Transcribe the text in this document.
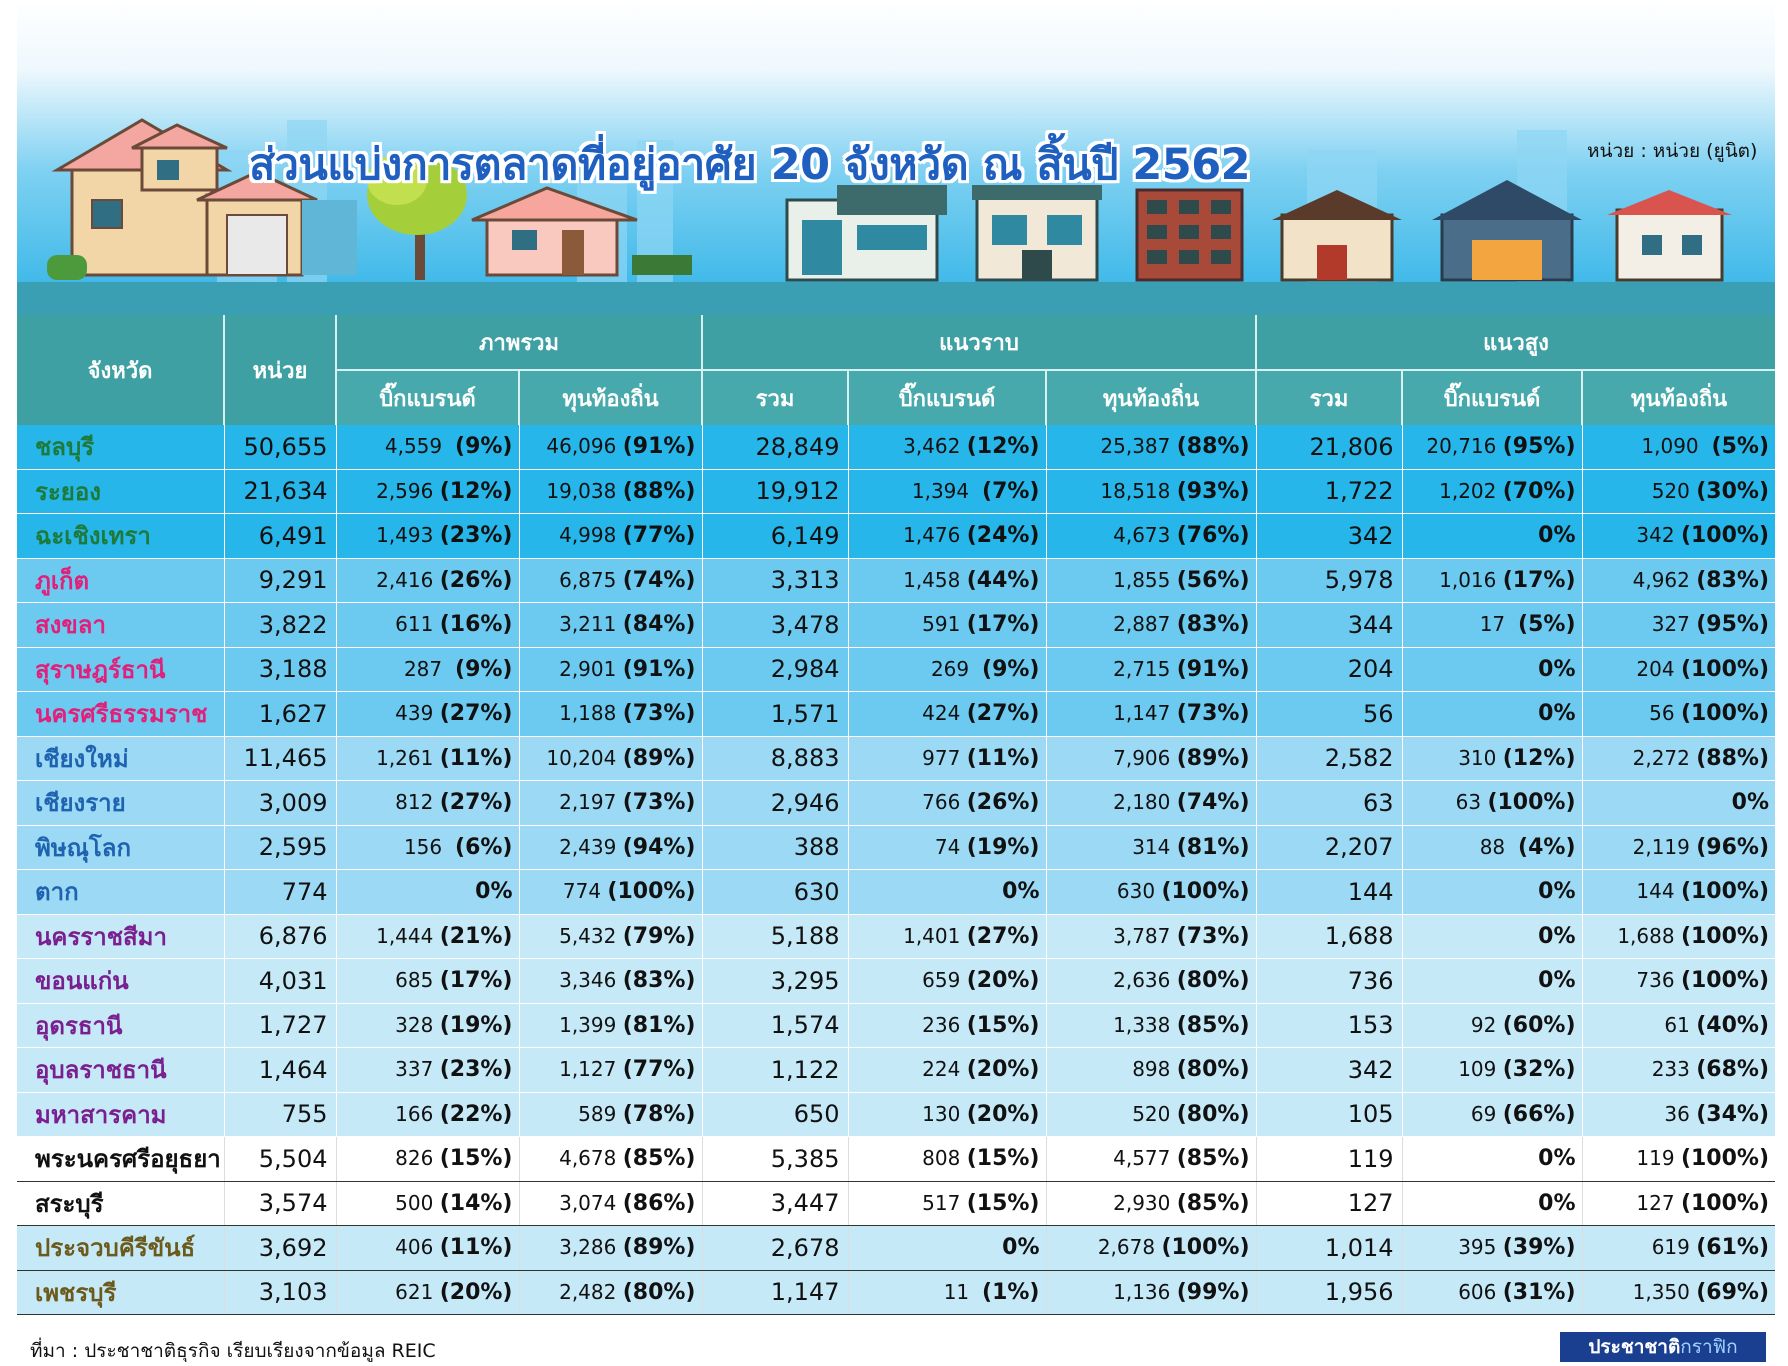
ส่วนแบ่งการตลาดที่อยู่อาศัย 20 จังหวัด ณ สิ้นปี 2562	หน่วย : หน่วย (ยูนิต)
จังหวัด	หน่วย	ภาพรวม		แนวราบ			แนวสูง		
		บิ๊กแบรนด์	ทุนท้องถิ่น	รวม	บิ๊กแบรนด์	ทุนท้องถิ่น	รวม	บิ๊กแบรนด์	ทุนท้องถิ่น
ชลบุรี	50,655	4,559 (9%)	46,096 (91%)	28,849	3,462 (12%)	25,387 (88%)	21,806	20,716 (95%)	1,090 (5%)
ระยอง	21,634	2,596 (12%)	19,038 (88%)	19,912	1,394 (7%)	18,518 (93%)	1,722	1,202 (70%)	520 (30%)
ฉะเชิงเทรา	6,491	1,493 (23%)	4,998 (77%)	6,149	1,476 (24%)	4,673 (76%)	342	0%	342 (100%)
ภูเก็ต	9,291	2,416 (26%)	6,875 (74%)	3,313	1,458 (44%)	1,855 (56%)	5,978	1,016 (17%)	4,962 (83%)
สงขลา	3,822	611 (16%)	3,211 (84%)	3,478	591 (17%)	2,887 (83%)	344	17 (5%)	327 (95%)
สุราษฎร์ธานี	3,188	287 (9%)	2,901 (91%)	2,984	269 (9%)	2,715 (91%)	204	0%	204 (100%)
นครศรีธรรมราช	1,627	439 (27%)	1,188 (73%)	1,571	424 (27%)	1,147 (73%)	56	0%	56 (100%)
เชียงใหม่	11,465	1,261 (11%)	10,204 (89%)	8,883	977 (11%)	7,906 (89%)	2,582	310 (12%)	2,272 (88%)
เชียงราย	3,009	812 (27%)	2,197 (73%)	2,946	766 (26%)	2,180 (74%)	63	63 (100%)	0%
พิษณุโลก	2,595	156 (6%)	2,439 (94%)	388	74 (19%)	314 (81%)	2,207	88 (4%)	2,119 (96%)
ตาก	774	0%	774 (100%)	630	0%	630 (100%)	144	0%	144 (100%)
นครราชสีมา	6,876	1,444 (21%)	5,432 (79%)	5,188	1,401 (27%)	3,787 (73%)	1,688	0%	1,688 (100%)
ขอนแก่น	4,031	685 (17%)	3,346 (83%)	3,295	659 (20%)	2,636 (80%)	736	0%	736 (100%)
อุดรธานี	1,727	328 (19%)	1,399 (81%)	1,574	236 (15%)	1,338 (85%)	153	92 (60%)	61 (40%)
อุบลราชธานี	1,464	337 (23%)	1,127 (77%)	1,122	224 (20%)	898 (80%)	342	109 (32%)	233 (68%)
มหาสารคาม	755	166 (22%)	589 (78%)	650	130 (20%)	520 (80%)	105	69 (66%)	36 (34%)
พระนครศรีอยุธยา	5,504	826 (15%)	4,678 (85%)	5,385	808 (15%)	4,577 (85%)	119	0%	119 (100%)
สระบุรี	3,574	500 (14%)	3,074 (86%)	3,447	517 (15%)	2,930 (85%)	127	0%	127 (100%)
ประจวบคีรีขันธ์	3,692	406 (11%)	3,286 (89%)	2,678	0%	2,678 (100%)	1,014	395 (39%)	619 (61%)
เพชรบุรี	3,103	621 (20%)	2,482 (80%)	1,147	11 (1%)	1,136 (99%)	1,956	606 (31%)	1,350 (69%)
ที่มา : ประชาชาติธุรกิจ เรียบเรียงจากข้อมูล REIC	ประชาชาติกราฟิก
